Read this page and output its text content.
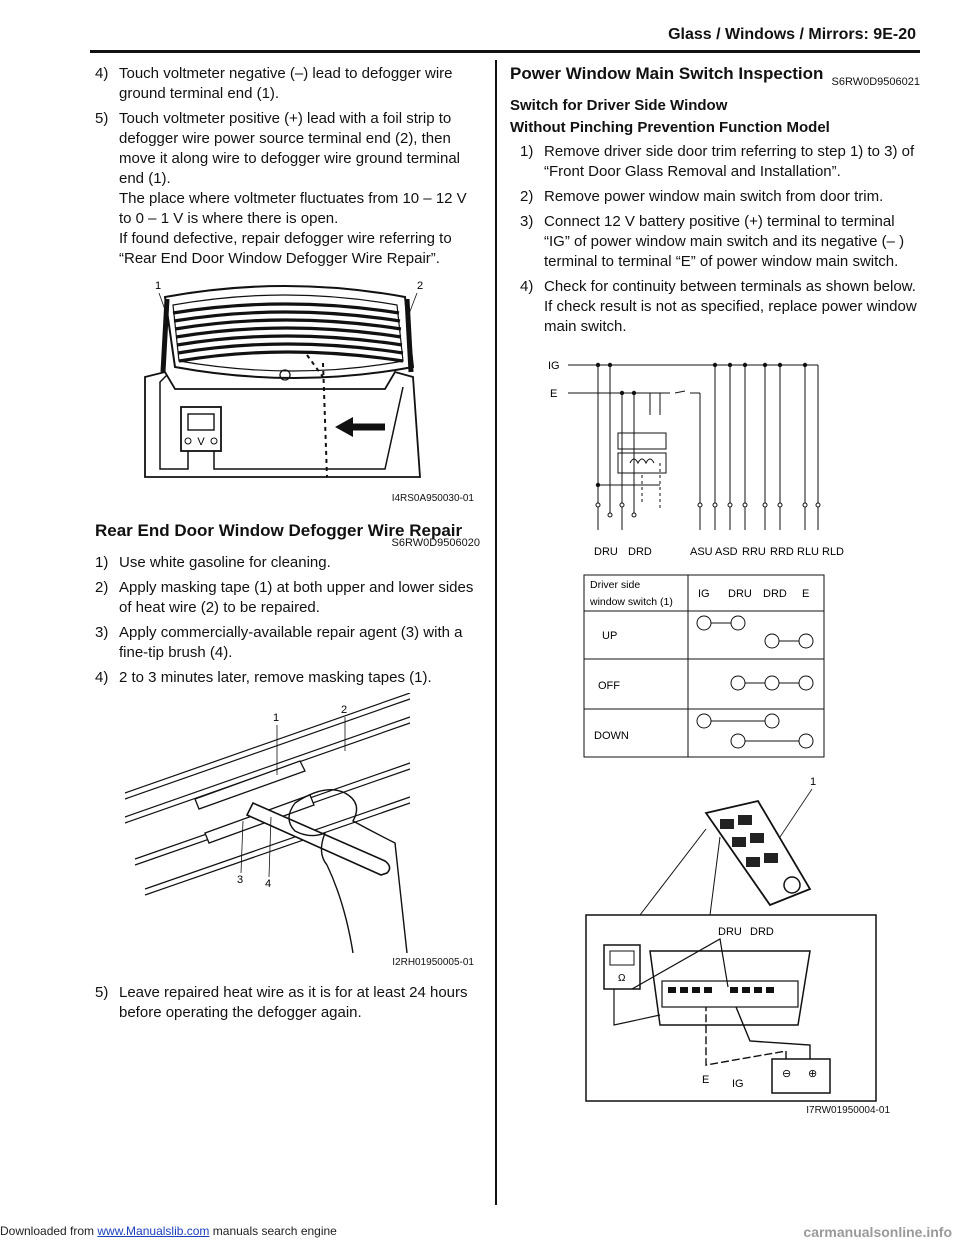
Glass / Windows / Mirrors: 9E-20
4) Touch voltmeter negative (–) lead to defogger wire ground terminal end (1).

5) Touch voltmeter positive (+) lead with a foil strip to defogger wire power source terminal end (2), then move it along wire to defogger wire ground terminal end (1).

The place where voltmeter fluctuates from 10 – 12 V to 0 – 1 V is where there is open.

If found defective, repair defogger wire referring to “Rear End Door Window Defogger Wire Repair”.

V
1	2
I4RS0A950030-01
Rear End Door Window Defogger Wire Repair
S6RW0D9506020
1) Use white gasoline for cleaning.

2) Apply masking tape (1) at both upper and lower sides of heat wire (2) to be repaired.

3) Apply commercially-available repair agent (3) with a fine-tip brush (4).

4) 2 to 3 minutes later, remove masking tapes (1).

1
2
3 4
I2RH01950005-01
5) Leave repaired heat wire as it is for at least 24 hours before operating the defogger again.

Power Window Main Switch Inspection S6RW0D9506021

Switch for Driver Side Window

Without Pinching Prevention Function Model

1) Remove driver side door trim referring to step 1) to 3) of “Front Door Glass Removal and Installation”.

2) Remove power window main switch from door trim.

3) Connect 12 V battery positive (+) terminal to terminal “IG” of power window main switch and its negative (– ) terminal to terminal “E” of power window main switch.

4) Check for continuity between terminals as shown below.

If check result is not as specified, replace power window main switch.

IG
E
DRU DRD	ASU ASD RRU RRD RLU RLD
Driver side
window switch (1)
IG DRU DRD E
UP
OFF
DOWN
1
DRU DRD
Ω
⊖ ⊕
E IG
I7RW01950004-01
Downloaded from www.Manualslib.com manuals search engine	carmanualsonline.info
